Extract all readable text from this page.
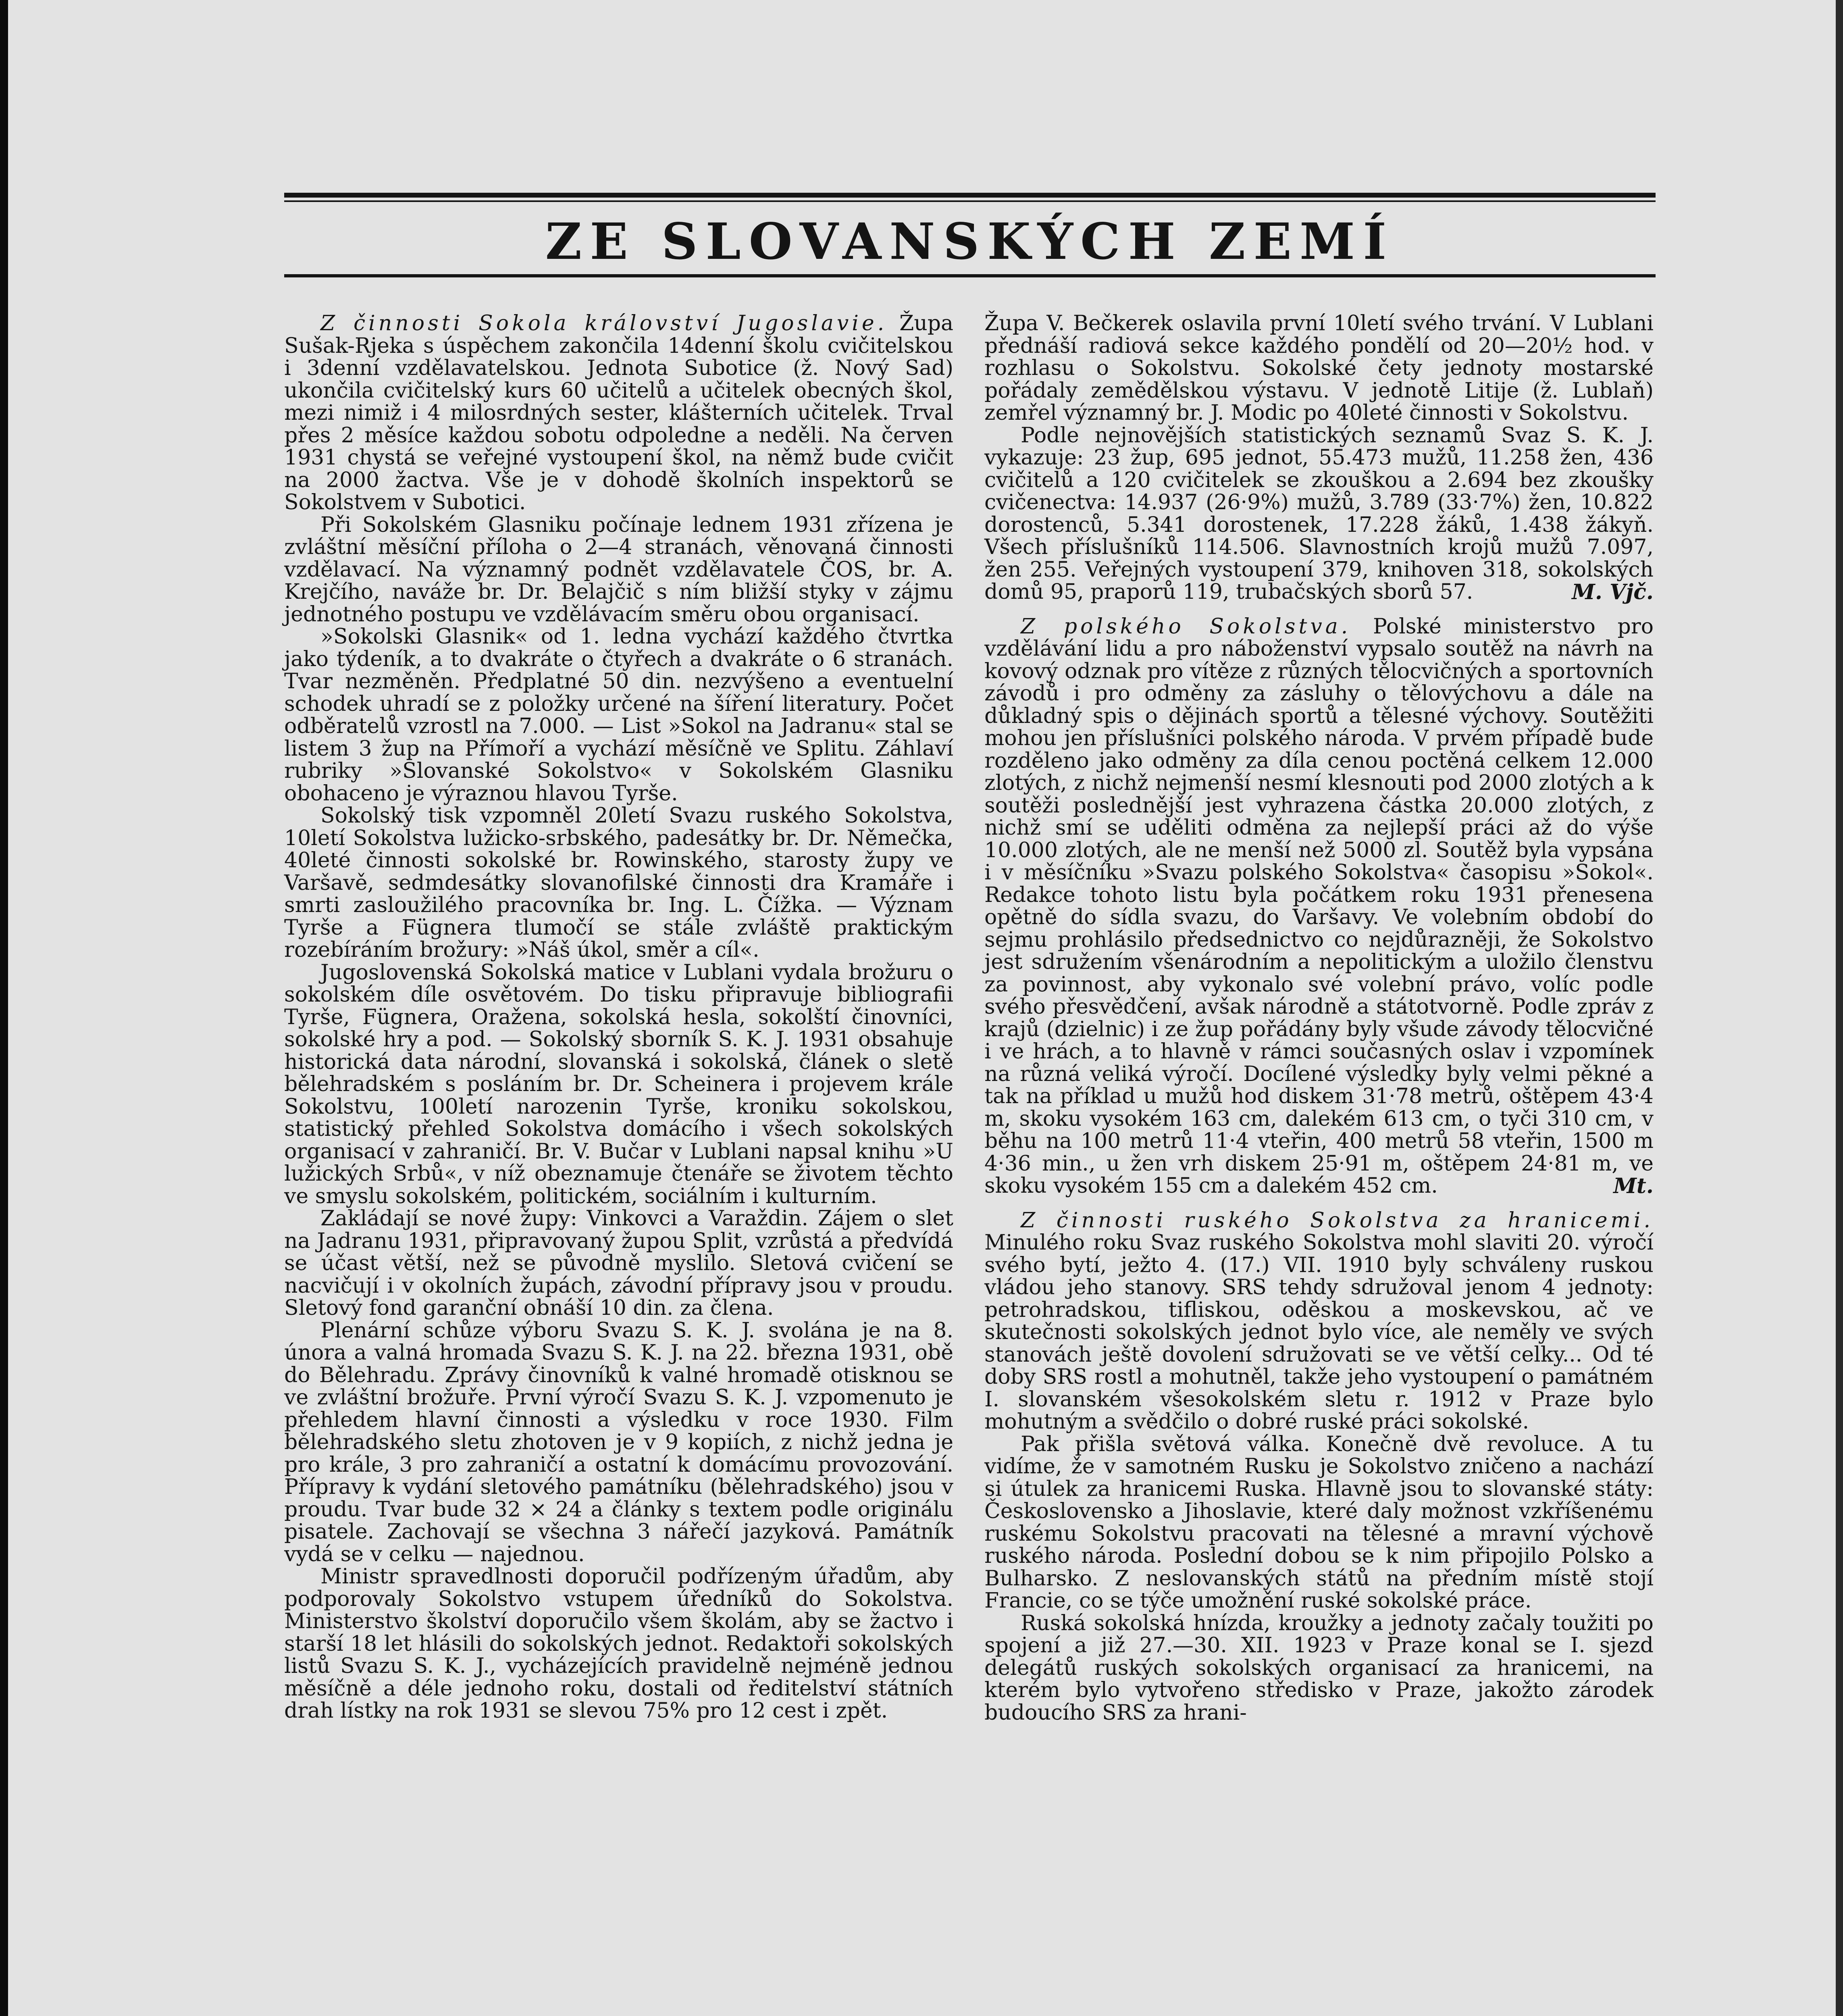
ZE SLOVANSKÝCH ZEMÍ

Z činnosti Sokola království Jugoslavie. Župa Sušak-Rjeka s úspěchem zakončila 14denní školu cvičitelskou i 3denní vzdělavatelskou. Jednota Subotice (ž. Nový Sad) ukončila cvičitelský kurs 60 učitelů a učitelek obecných škol, mezi nimiž i 4 milosrdných sester, klášterních učitelek. Trval přes 2 měsíce každou sobotu odpoledne a neděli. Na červen 1931 chystá se veřejné vystoupení škol, na němž bude cvičit na 2000 žactva. Vše je v dohodě školních inspektorů se Sokolstvem v Subotici.

Při Sokolském Glasniku počínaje lednem 1931 zřízena je zvláštní měsíční příloha o 2—4 stranách, věnovaná činnosti vzdělavací. Na významný podnět vzdělavatele ČOS, br. A. Krejčího, naváže br. Dr. Belajčič s ním bližší styky v zájmu jednotného postupu ve vzdělávacím směru obou organisací.

»Sokolski Glasnik« od 1. ledna vychází každého čtvrtka jako týdeník, a to dvakráte o čtyřech a dvakráte o 6 stranách. Tvar nezměněn. Předplatné 50 din. nezvýšeno a eventuelní schodek uhradí se z položky určené na šíření literatury. Počet odběratelů vzrostl na 7.000. — List »Sokol na Jadranu« stal se listem 3 žup na Přímoří a vychází měsíčně ve Splitu. Záhlaví rubriky »Slovanské Sokolstvo« v Sokolském Glasniku obohaceno je výraznou hlavou Tyrše.

Sokolský tisk vzpomněl 20letí Svazu ruského Sokolstva, 10letí Sokolstva lužicko-srbského, padesátky br. Dr. Němečka, 40leté činnosti sokolské br. Rowinského, starosty župy ve Varšavě, sedmdesátky slovanofilské činnosti dra Kramáře i smrti zasloužilého pracovníka br. Ing. L. Čížka. — Význam Tyrše a Fügnera tlumočí se stále zvláště praktickým rozebíráním brožury: »Náš úkol, směr a cíl«.

Jugoslovenská Sokolská matice v Lublani vydala brožuru o sokolském díle osvětovém. Do tisku připravuje bibliografii Tyrše, Fügnera, Oražena, sokolská hesla, sokolští činovníci, sokolské hry a pod. — Sokolský sborník S. K. J. 1931 obsahuje historická data národní, slovanská i sokolská, článek o sletě bělehradském s posláním br. Dr. Scheinera i projevem krále Sokolstvu, 100letí narozenin Tyrše, kroniku sokolskou, statistický přehled Sokolstva domácího i všech sokolských organisací v zahraničí. Br. V. Bučar v Lublani napsal knihu »U lužických Srbů«, v níž obeznamuje čtenáře se životem těchto ve smyslu sokolském, politickém, sociálním i kulturním.

Zakládají se nové župy: Vinkovci a Varaždin. Zájem o slet na Jadranu 1931, připravovaný župou Split, vzrůstá a předvídá se účast větší, než se původně myslilo. Sletová cvičení se nacvičují i v okolních župách, závodní přípravy jsou v proudu. Sletový fond garanční obnáší 10 din. za člena.

Plenární schůze výboru Svazu S. K. J. svolána je na 8. února a valná hromada Svazu S. K. J. na 22. března 1931, obě do Bělehradu. Zprávy činovníků k valné hromadě otisknou se ve zvláštní brožuře. První výročí Svazu S. K. J. vzpomenuto je přehledem hlavní činnosti a výsledku v roce 1930. Film bělehradského sletu zhotoven je v 9 kopiích, z nichž jedna je pro krále, 3 pro zahraničí a ostatní k domácímu provozování. Přípravy k vydání sletového památníku (bělehradského) jsou v proudu. Tvar bude 32 × 24 a články s textem podle originálu pisatele. Zachovají se všechna 3 nářečí jazyková. Památník vydá se v celku — najednou.

Ministr spravedlnosti doporučil podřízeným úřadům, aby podporovaly Sokolstvo vstupem úředníků do Sokolstva. Ministerstvo školství doporučilo všem školám, aby se žactvo i starší 18 let hlásili do sokolských jednot. Redaktoři sokolských listů Svazu S. K. J., vycházejících pravidelně nejméně jednou měsíčně a déle jednoho roku, dostali od ředitelství státních drah lístky na rok 1931 se slevou 75% pro 12 cest i zpět.

Župa V. Bečkerek oslavila první 10letí svého trvání. V Lublani přednáší radiová sekce každého pondělí od 20—20½ hod. v rozhlasu o Sokolstvu. Sokolské čety jednoty mostarské pořádaly zemědělskou výstavu. V jednotě Litije (ž. Lublaň) zemřel významný br. J. Modic po 40leté činnosti v Sokolstvu.

Podle nejnovějších statistických seznamů Svaz S. K. J. vykazuje: 23 žup, 695 jednot, 55.473 mužů, 11.258 žen, 436 cvičitelů a 120 cvičitelek se zkouškou a 2.694 bez zkoušky cvičenectva: 14.937 (26·9%) mužů, 3.789 (33·7%) žen, 10.822 dorostenců, 5.341 dorostenek, 17.228 žáků, 1.438 žákyň. Všech příslušníků 114.506. Slavnostních krojů mužů 7.097, žen 255. Veřejných vystoupení 379, knihoven 318, sokolských domů 95, praporů 119, trubačských sborů 57.	M. Vjč.

Z polského Sokolstva. Polské ministerstvo pro vzdělávání lidu a pro náboženství vypsalo soutěž na návrh na kovový odznak pro vítěze z různých tělocvičných a sportovních závodů i pro odměny za zásluhy o tělovýchovu a dále na důkladný spis o dějinách sportů a tělesné výchovy. Soutěžiti mohou jen příslušníci polského národa. V prvém případě bude rozděleno jako odměny za díla cenou poctěná celkem 12.000 zlotých, z nichž nejmenší nesmí klesnouti pod 2000 zlotých a k soutěži poslednější jest vyhrazena částka 20.000 zlotých, z nichž smí se uděliti odměna za nejlepší práci až do výše 10.000 zlotých, ale ne menší než 5000 zl. Soutěž byla vypsána i v měsíčníku »Svazu polského Sokolstva« časopisu »Sokol«. Redakce tohoto listu byla počátkem roku 1931 přenesena opětně do sídla svazu, do Varšavy. Ve volebním období do sejmu prohlásilo předsednictvo co nejdůrazněji, že Sokolstvo jest sdružením všenárodním a nepolitickým a uložilo členstvu za povinnost, aby vykonalo své volební právo, volíc podle svého přesvědčení, avšak národně a státotvorně. Podle zpráv z krajů (dzielnic) i ze žup pořádány byly všude závody tělocvičné i ve hrách, a to hlavně v rámci současných oslav i vzpomínek na různá veliká výročí. Docílené výsledky byly velmi pěkné a tak na příklad u mužů hod diskem 31·78 metrů, oštěpem 43·4 m, skoku vysokém 163 cm, dalekém 613 cm, o tyči 310 cm, v běhu na 100 metrů 11·4 vteřin, 400 metrů 58 vteřin, 1500 m 4·36 min., u žen vrh diskem 25·91 m, oštěpem 24·81 m, ve skoku vysokém 155 cm a dalekém 452 cm.	Mt.

Z činnosti ruského Sokolstva za hranicemi. Minulého roku Svaz ruského Sokolstva mohl slaviti 20. výročí svého bytí, ježto 4. (17.) VII. 1910 byly schváleny ruskou vládou jeho stanovy. SRS tehdy sdružoval jenom 4 jednoty: petrohradskou, tifliskou, oděskou a moskevskou, ač ve skutečnosti sokolských jednot bylo více, ale neměly ve svých stanovách ještě dovolení sdružovati se ve větší celky... Od té doby SRS rostl a mohutněl, takže jeho vystoupení o památném I. slovanském všesokolském sletu r. 1912 v Praze bylo mohutným a svědčilo o dobré ruské práci sokolské.

Pak přišla světová válka. Konečně dvě revoluce. A tu vidíme, že v samotném Rusku je Sokolstvo zničeno a nachází si útulek za hranicemi Ruska. Hlavně jsou to slovanské státy: Československo a Jihoslavie, které daly možnost vzkříšenému ruskému Sokolstvu pracovati na tělesné a mravní výchově ruského národa. Poslední dobou se k nim připojilo Polsko a Bulharsko. Z neslovanských států na předním místě stojí Francie, co se týče umožnění ruské sokolské práce.

Ruská sokolská hnízda, kroužky a jednoty začaly toužiti po spojení a již 27.—30. XII. 1923 v Praze konal se I. sjezd delegátů ruských sokolských organisací za hranicemi, na kterém bylo vytvořeno středisko v Praze, jakožto zárodek budoucího SRS za hrani-
